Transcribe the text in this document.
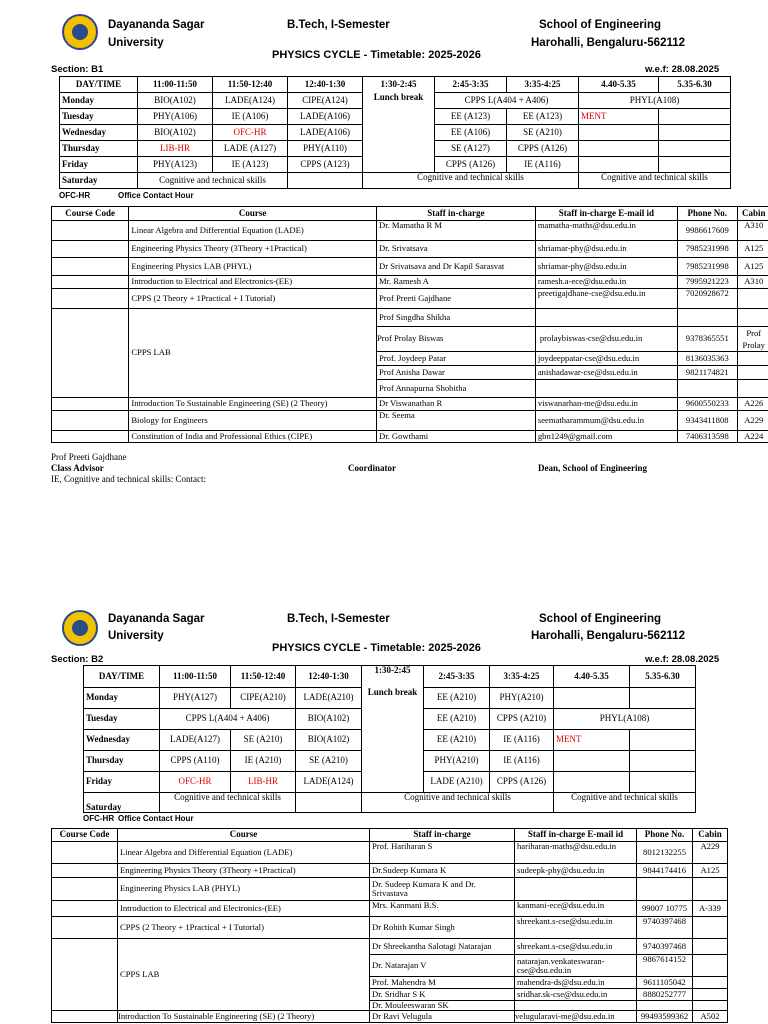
Dayananda Sagar
University
B.Tech, I-Semester	School of Engineering
Harohalli, Bengaluru-562112
PHYSICS CYCLE - Timetable: 2025-2026
Section: B1	w.e.f: 28.08.2025
DAY/TIME	11:00-11:50	11:50-12:40	12:40-1:30	1:30-2:45	2:45-3:35	3:35-4:25	4.40-5.35	5.35-6.30
Monday	BIO(A102)	LADE(A124)	CIPE(A124)	Lunch break	CPPS L(A404 + A406)		PHYL(A108)	
Tuesday	PHY(A106)	IE (A106)	LADE(A106)		EE (A123)	EE (A123)	MENT	
Wednesday	BIO(A102)	OFC-HR	LADE(A106)		EE (A106)	SE (A210)		
Thursday	LIB-HR	LADE (A127)	PHY(A110)		SE (A127)	CPPS (A126)		
Friday	PHY(A123)	IE (A123)	CPPS (A123)		CPPS (A126)	IE (A116)		
Saturday	Cognitive and technical skills			Cognitive and technical skills			Cognitive and technical skills	
OFC-HR	Office Contact Hour
Course Code	Course	Staff in-charge	Staff in-charge E-mail id	Phone No.	Cabin
	Linear Algebra and Differential Equation (LADE)	Dr. Mamatha R M	mamatha-maths@dsu.edu.in	9986617609	A310
	Engineering Physics Theory (3Theory +1Practical)	Dr. Srivatsava	shriamar-phy@dsu.edu.in	7985231998	A125
	Engineering Physics LAB (PHYL)	Dr Srivatsava and Dr Kapil Sarasvat	shriamar-phy@dsu.edu.in	7985231998	A125
	Introduction to Electrical and Electronics-(EE)	Mr. Ramesh A	ramesh.a-ece@dsu.edu.in	7995921223	A310
	CPPS (2 Theory + 1Practical + I Tutorial)	Prof Preeti Gajdhane	preetigajdhane-cse@dsu.edu.in	7020928672	
	CPPS LAB	Prof Singdha Shikha			
		Prof Prolay Biswas	prolaybiswas-cse@dsu.edu.in	9378365551	Prof Prolay
		Prof. Joydeep Patar	joydeeppatar-cse@dsu.edu.in	8136035363	
		Prof Anisha Dawar	anishadawar-cse@dsu.edu.in	9821174821	
		Prof Annapurna Shobitha			
	Introduction To Sustainable Engineering (SE) (2 Theory)	Dr Viswanathan R	viswanarhan-me@dsu.edu.in	9600550233	A226
	Biology for Engineers	Dr. Seema	seematharammum@dsu.edu.in	9343411808	A229
	Constitution of India and Professional Ethics (CIPE)	Dr. Gowthami	gbn1249@gmail.com	7406313598	A224
Prof Preeti Gajdhane
Class Advisor	Coordinator	Dean, School of Engineering
IE, Cognitive and technical skills: Contact:
Dayananda Sagar
University
B.Tech, I-Semester	School of Engineering
Harohalli, Bengaluru-562112
PHYSICS CYCLE - Timetable: 2025-2026
Section: B2	w.e.f: 28.08.2025
DAY/TIME	11:00-11:50	11:50-12:40	12:40-1:30	1:30-2:45	2:45-3:35	3:35-4:25	4.40-5.35	5.35-6.30
Monday	PHY(A127)	CIPE(A210)	LADE(A210)	Lunch break	EE (A210)	PHY(A210)		
Tuesday	CPPS L(A404 + A406)		BIO(A102)		EE (A210)	CPPS (A210)	PHYL(A108)	
Wednesday	LADE(A127)	SE (A210)	BIO(A102)		EE (A210)	IE (A116)	MENT	
Thursday	CPPS (A110)	IE (A210)	SE (A210)		PHY(A210)	IE (A116)		
Friday	OFC-HR	LIB-HR	LADE(A124)		LADE (A210)	CPPS (A126)		
Saturday	Cognitive and technical skills			Cognitive and technical skills			Cognitive and technical skills	
OFC-HR Office Contact Hour
Course Code	Course	Staff in-charge	Staff in-charge E-mail id	Phone No.	Cabin
	Linear Algebra and Differential Equation (LADE)	Prof. Hariharan S	hariharan-maths@dsu.edu.in	8012132255	A229
	Engineering Physics Theory (3Theory +1Practical)	Dr.Sudeep Kumara K	sudeepk-phy@dsu.edu.in	9844174416	A125
	Engineering Physics LAB (PHYL)	Dr. Sudeep Kumara K and Dr. Srivastava			
	Introduction to Electrical and Electronics-(EE)	Mrs. Kanmani B.S.	kanmani-ece@dsu.edu.in	99007 10775	A-339
	CPPS (2 Theory + 1Practical + I Tutorial)	Dr Rohith Kumar Singh	shreekant.s-cse@dsu.edu.in	9740397468	
	CPPS LAB	Dr Shreekantha Salotagi Natarajan	shreekant.s-cse@dsu.edu.in	9740397468	
		Dr. Natarajan V	natarajan.venkateswaran-cse@dsu.edu.in	9867614152	
		Prof. Mahendra M	mahendra-ds@dsu.edu.in	9611105042	
		Dr. Sridhar S K	sridhar.sk-cse@dsu.edu.in	8880252777	
		Dr. Mouleeswaran SK			
	Introduction To Sustainable Engineering (SE) (2 Theory)	Dr Ravi Velugula	velugularavi-me@dsu.edu.in	99493599362	A502
